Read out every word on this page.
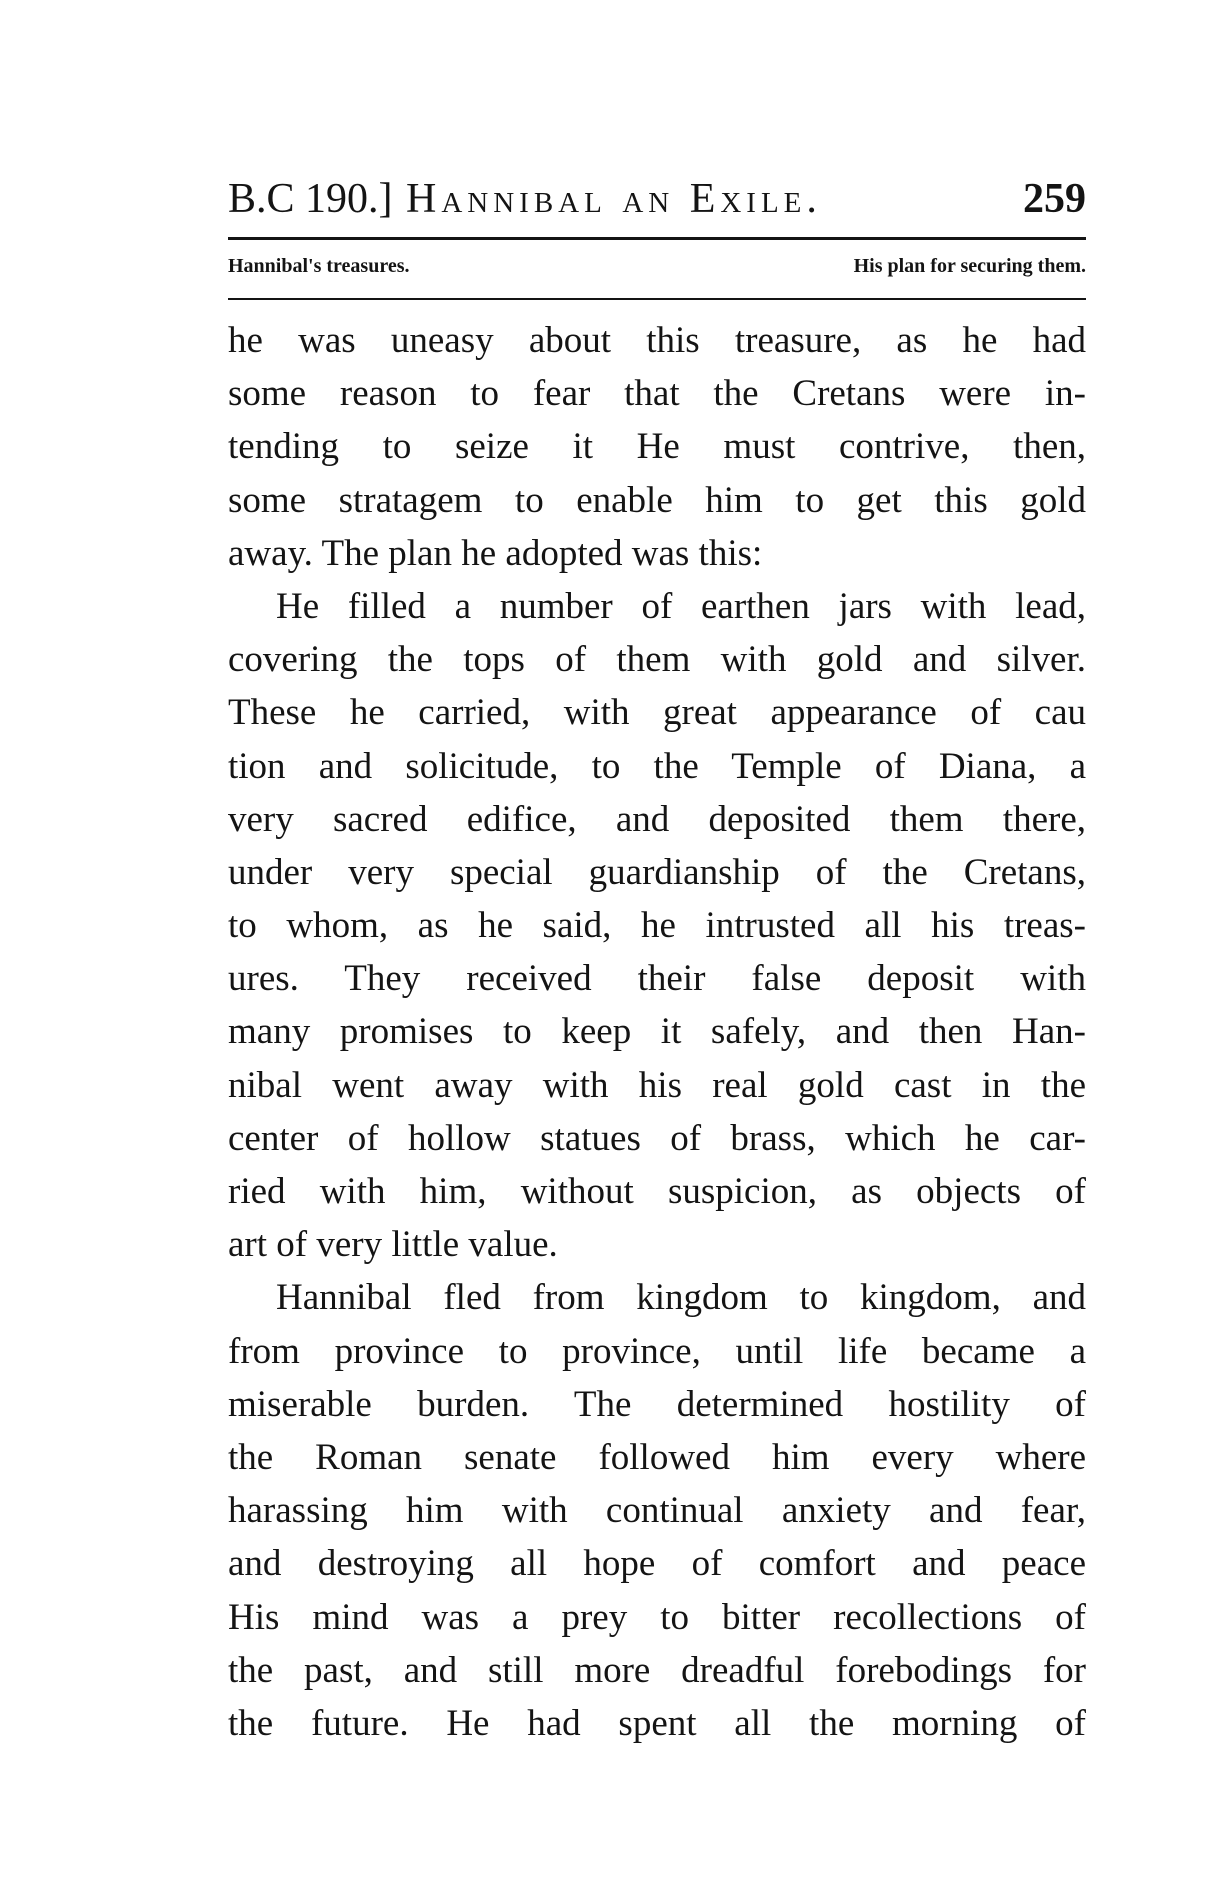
B.C 190.] Hannibal an Exile.	259
Hannibal's treasures.	His plan for securing them.
he was uneasy about this treasure, as he had
some reason to fear that the Cretans were in-
tending to seize it He must contrive, then,
some stratagem to enable him to get this gold
away. The plan he adopted was this:
He filled a number of earthen jars with lead,
covering the tops of them with gold and silver.
These he carried, with great appearance of cau
tion and solicitude, to the Temple of Diana, a
very sacred edifice, and deposited them there,
under very special guardianship of the Cretans,
to whom, as he said, he intrusted all his treas-
ures. They received their false deposit with
many promises to keep it safely, and then Han-
nibal went away with his real gold cast in the
center of hollow statues of brass, which he car-
ried with him, without suspicion, as objects of
art of very little value.
Hannibal fled from kingdom to kingdom, and
from province to province, until life became a
miserable burden. The determined hostility of
the Roman senate followed him every where
harassing him with continual anxiety and fear,
and destroying all hope of comfort and peace
His mind was a prey to bitter recollections of
the past, and still more dreadful forebodings for
the future. He had spent all the morning of
